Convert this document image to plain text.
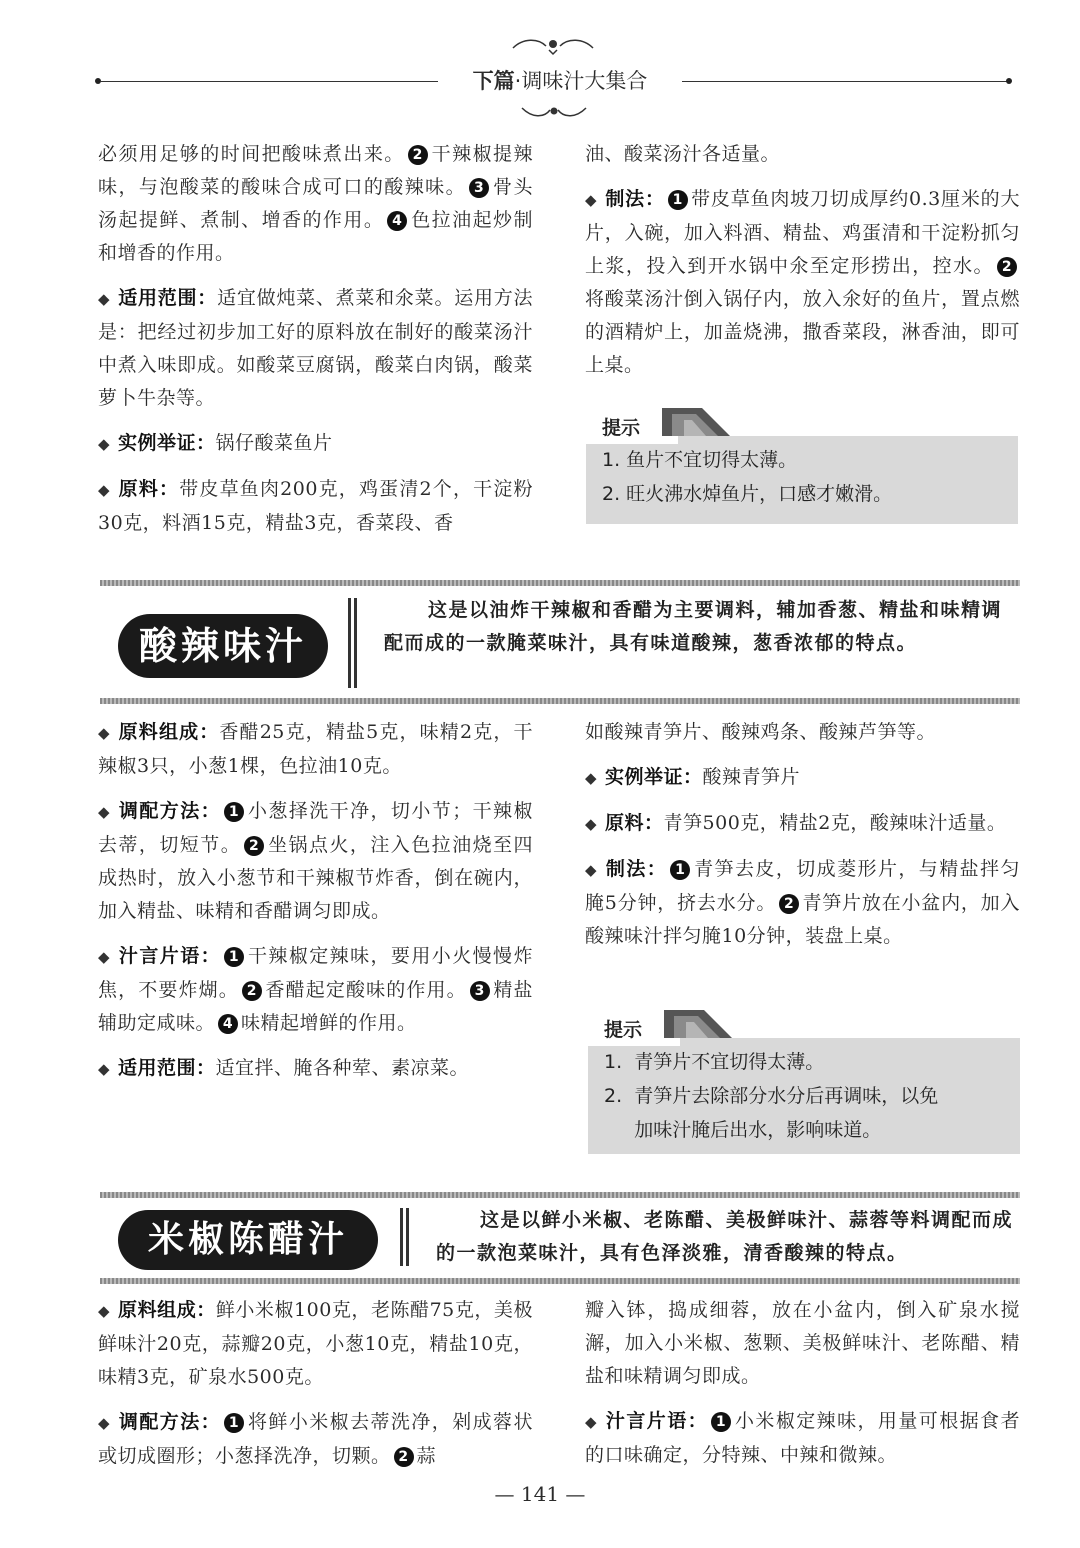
下篇·调味汁大集合

必须用足够的时间把酸味煮出来。 2 干辣椒提辣味，与泡酸菜的酸味合成可口的酸辣味。 3 骨头汤起提鲜、煮制、增香的作用。 4 色拉油起炒制和增香的作用。

◆ 适用范围：适宜做炖菜、煮菜和氽菜。运用方法是：把经过初步加工好的原料放在制好的酸菜汤汁中煮入味即成。如酸菜豆腐锅，酸菜白肉锅，酸菜萝卜牛杂等。

◆ 实例举证：锅仔酸菜鱼片

◆ 原料：带皮草鱼肉200克，鸡蛋清2个，干淀粉30克，料酒15克，精盐3克，香菜段、香

油、酸菜汤汁各适量。

◆ 制法： 1 带皮草鱼肉坡刀切成厚约0.3厘米的大片，入碗，加入料酒、精盐、鸡蛋清和干淀粉抓匀上浆，投入到开水锅中氽至定形捞出，控水。 2将酸菜汤汁倒入锅仔内，放入氽好的鱼片，置点燃的酒精炉上，加盖烧沸，撒香菜段，淋香油，即可上桌。

提示

1. 鱼片不宜切得太薄。

2. 旺火沸水焯鱼片，口感才嫩滑。

酸辣味汁

这是以油炸干辣椒和香醋为主要调料，辅加香葱、精盐和味精调配而成的一款腌菜味汁，具有味道酸辣，葱香浓郁的特点。

◆ 原料组成：香醋25克，精盐5克，味精2克，干辣椒3只，小葱1棵，色拉油10克。

◆ 调配方法： 1 小葱择洗干净，切小节；干辣椒去蒂，切短节。 2 坐锅点火，注入色拉油烧至四成热时，放入小葱节和干辣椒节炸香，倒在碗内，加入精盐、味精和香醋调匀即成。

◆ 汁言片语： 1 干辣椒定辣味，要用小火慢慢炸焦，不要炸煳。 2 香醋起定酸味的作用。 3 精盐辅助定咸味。 4 味精起增鲜的作用。

◆ 适用范围：适宜拌、腌各种荤、素凉菜。

如酸辣青笋片、酸辣鸡条、酸辣芦笋等。

◆ 实例举证：酸辣青笋片

◆ 原料：青笋500克，精盐2克，酸辣味汁适量。

◆ 制法： 1 青笋去皮，切成菱形片，与精盐拌匀腌5分钟，挤去水分。 2 青笋片放在小盆内，加入酸辣味汁拌匀腌10分钟，装盘上桌。

提示

1.  青笋片不宜切得太薄。

2.  青笋片去除部分水分后再调味，以免

加味汁腌后出水，影响味道。

米椒陈醋汁	这是以鲜小米椒、老陈醋、美极鲜味汁、蒜蓉等料调配而成的一款泡菜味汁，具有色泽淡雅，清香酸辣的特点。

◆ 原料组成：鲜小米椒100克，老陈醋75克，美极鲜味汁20克，蒜瓣20克，小葱10克，精盐10克，味精3克，矿泉水500克。

◆ 调配方法： 1 将鲜小米椒去蒂洗净，剁成蓉状或切成圈形；小葱择洗净，切颗。 2 蒜

瓣入钵，捣成细蓉，放在小盆内，倒入矿泉水搅澥，加入小米椒、葱颗、美极鲜味汁、老陈醋、精盐和味精调匀即成。

◆ 汁言片语： 1 小米椒定辣味，用量可根据食者的口味确定，分特辣、中辣和微辣。

— 141 —
